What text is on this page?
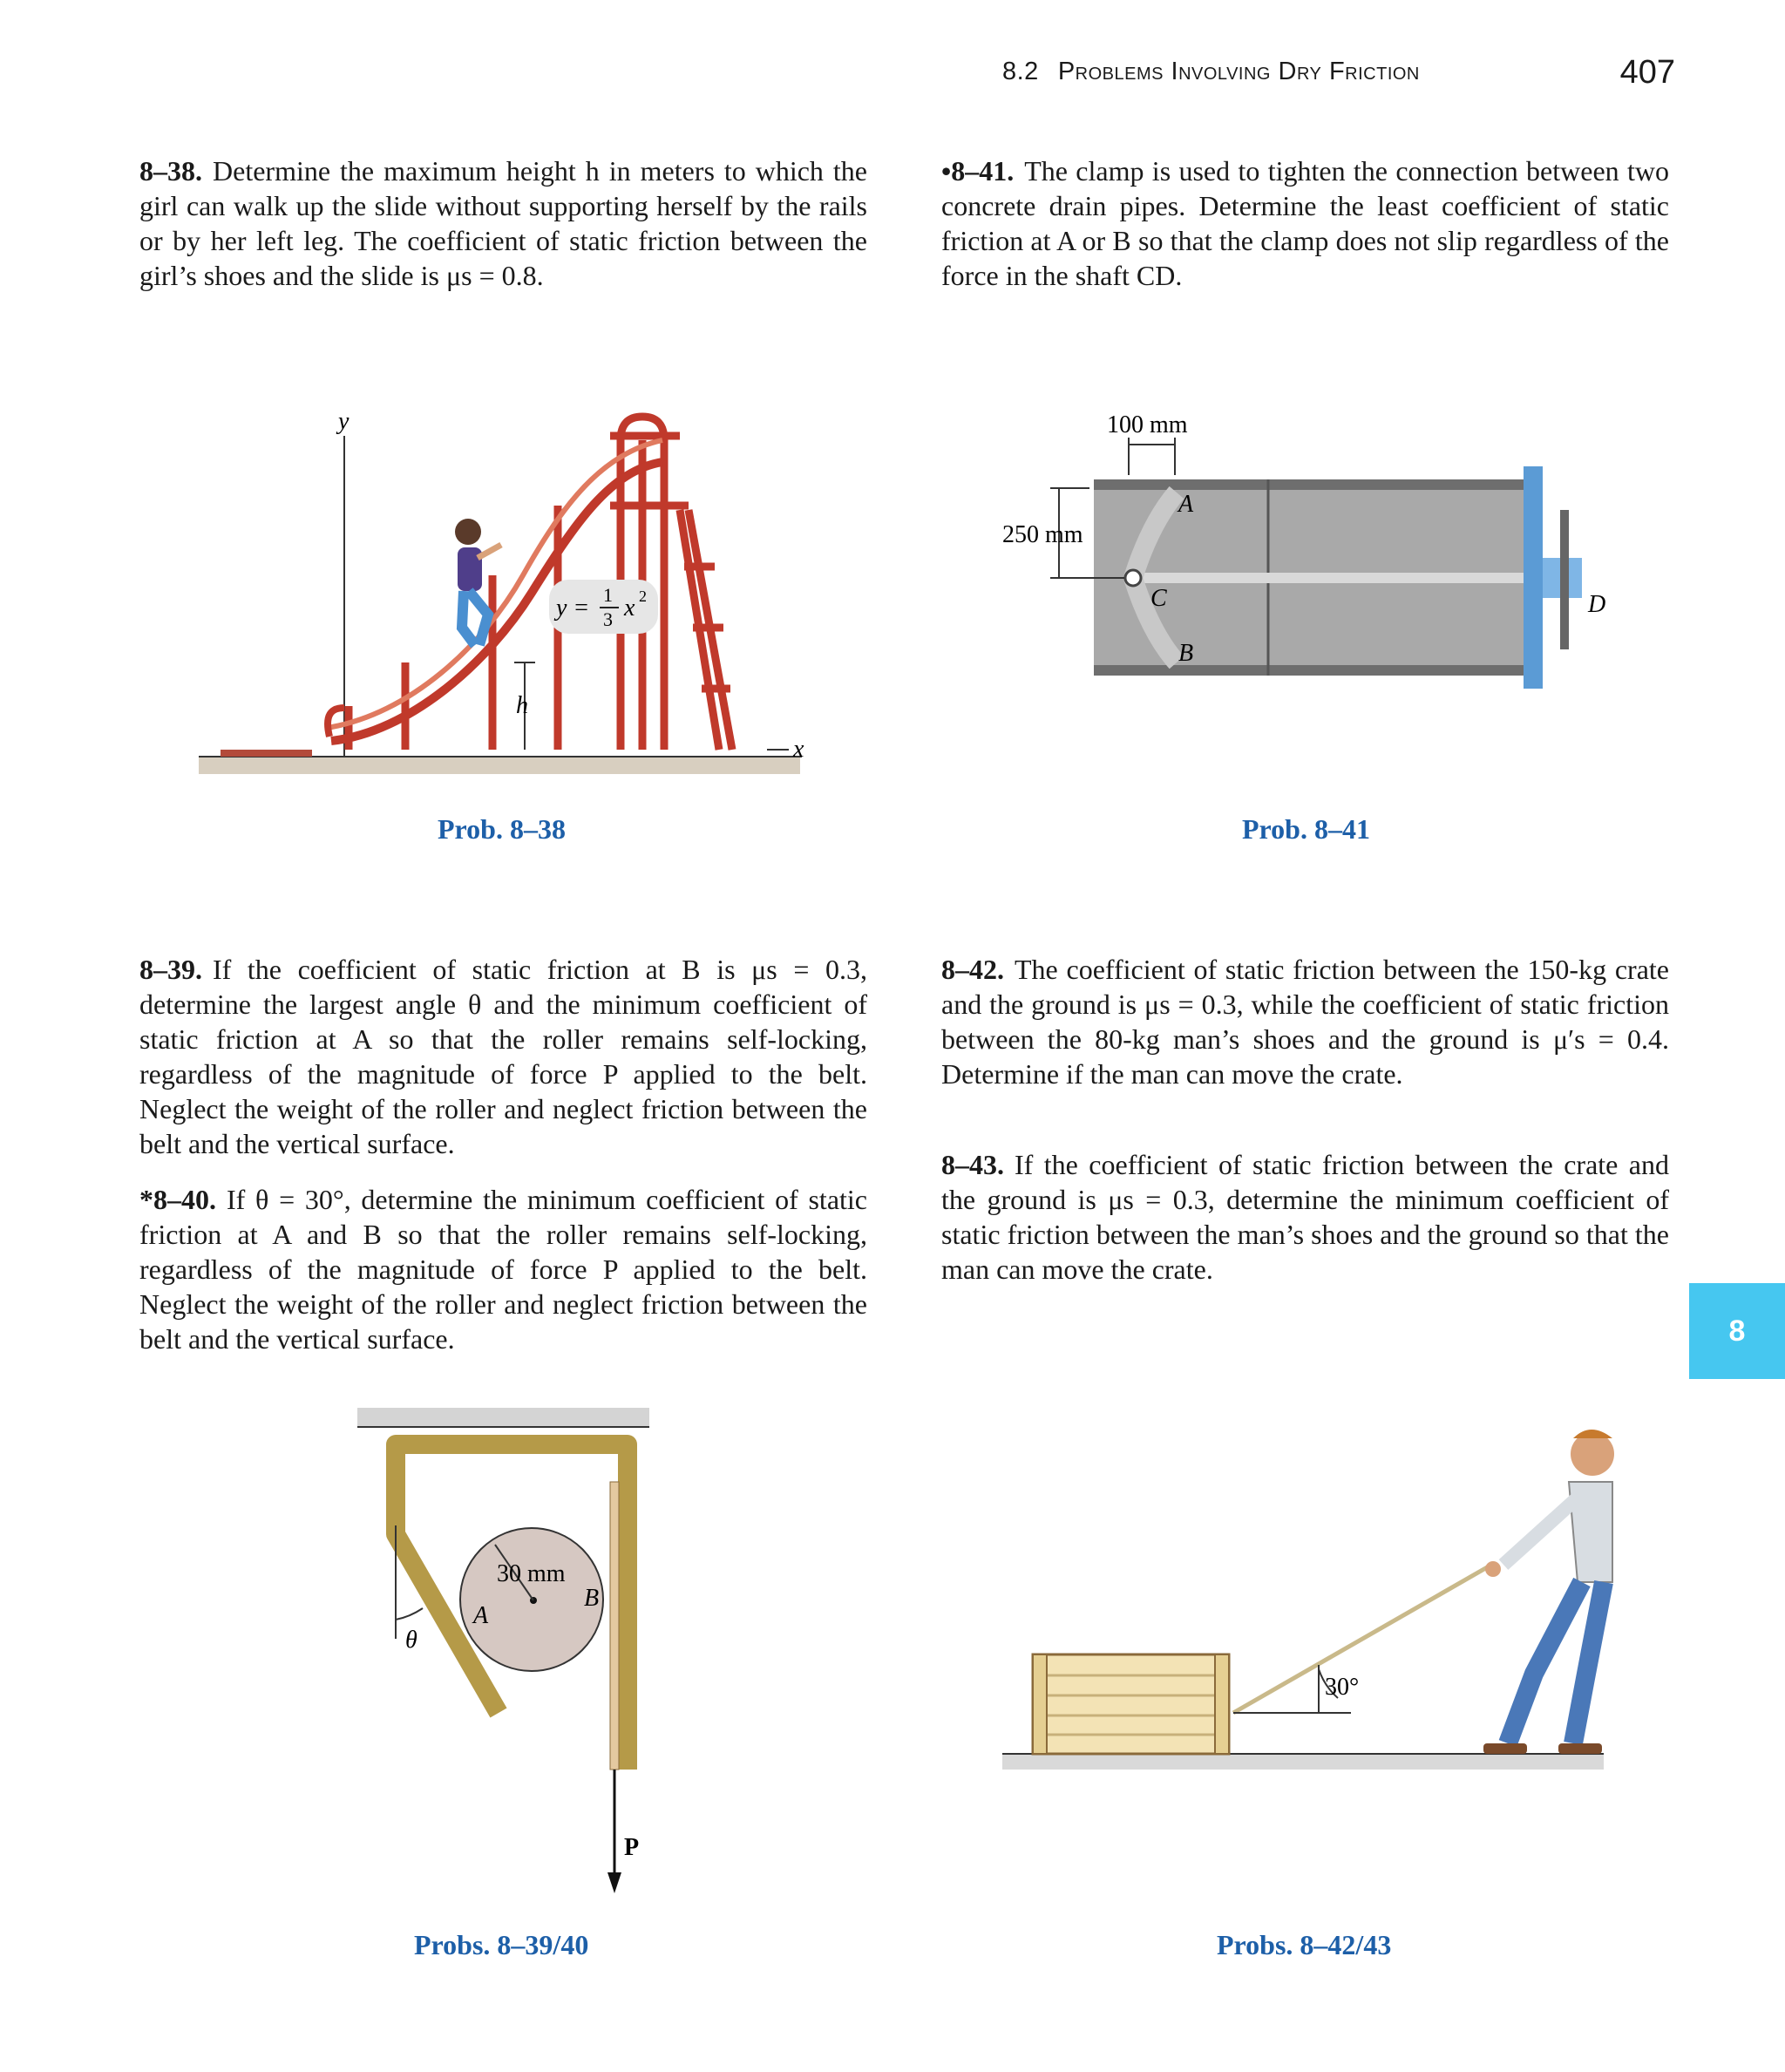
8.2 Problems Involving Dry Friction	407
8–38. Determine the maximum height h in meters to which the girl can walk up the slide without supporting herself by the rails or by her left leg. The coefficient of static friction between the girl’s shoes and the slide is μs = 0.8.
•8–41. The clamp is used to tighten the connection between two concrete drain pipes. Determine the least coefficient of static friction at A or B so that the clamp does not slip regardless of the force in the shaft CD.
8–39. If the coefficient of static friction at B is μs = 0.3, determine the largest angle θ and the minimum coefficient of static friction at A so that the roller remains self-locking, regardless of the magnitude of force P applied to the belt. Neglect the weight of the roller and neglect friction between the belt and the vertical surface.
*8–40. If θ = 30°, determine the minimum coefficient of static friction at A and B so that the roller remains self-locking, regardless of the magnitude of force P applied to the belt. Neglect the weight of the roller and neglect friction between the belt and the vertical surface.
8–42. The coefficient of static friction between the 150-kg crate and the ground is μs = 0.3, while the coefficient of static friction between the 80-kg man’s shoes and the ground is μ′s = 0.4. Determine if the man can move the crate.
8–43. If the coefficient of static friction between the crate and the ground is μs = 0.3, determine the minimum coefficient of static friction between the man’s shoes and the ground so that the man can move the crate.
8
y
x
h
y = 1
3 x 2
Prob. 8–38
A
B
C	D
100 mm
250 mm
Prob. 8–41
30 mm
A
B
θ
P
Probs. 8–39/40
30°
Probs. 8–42/43
